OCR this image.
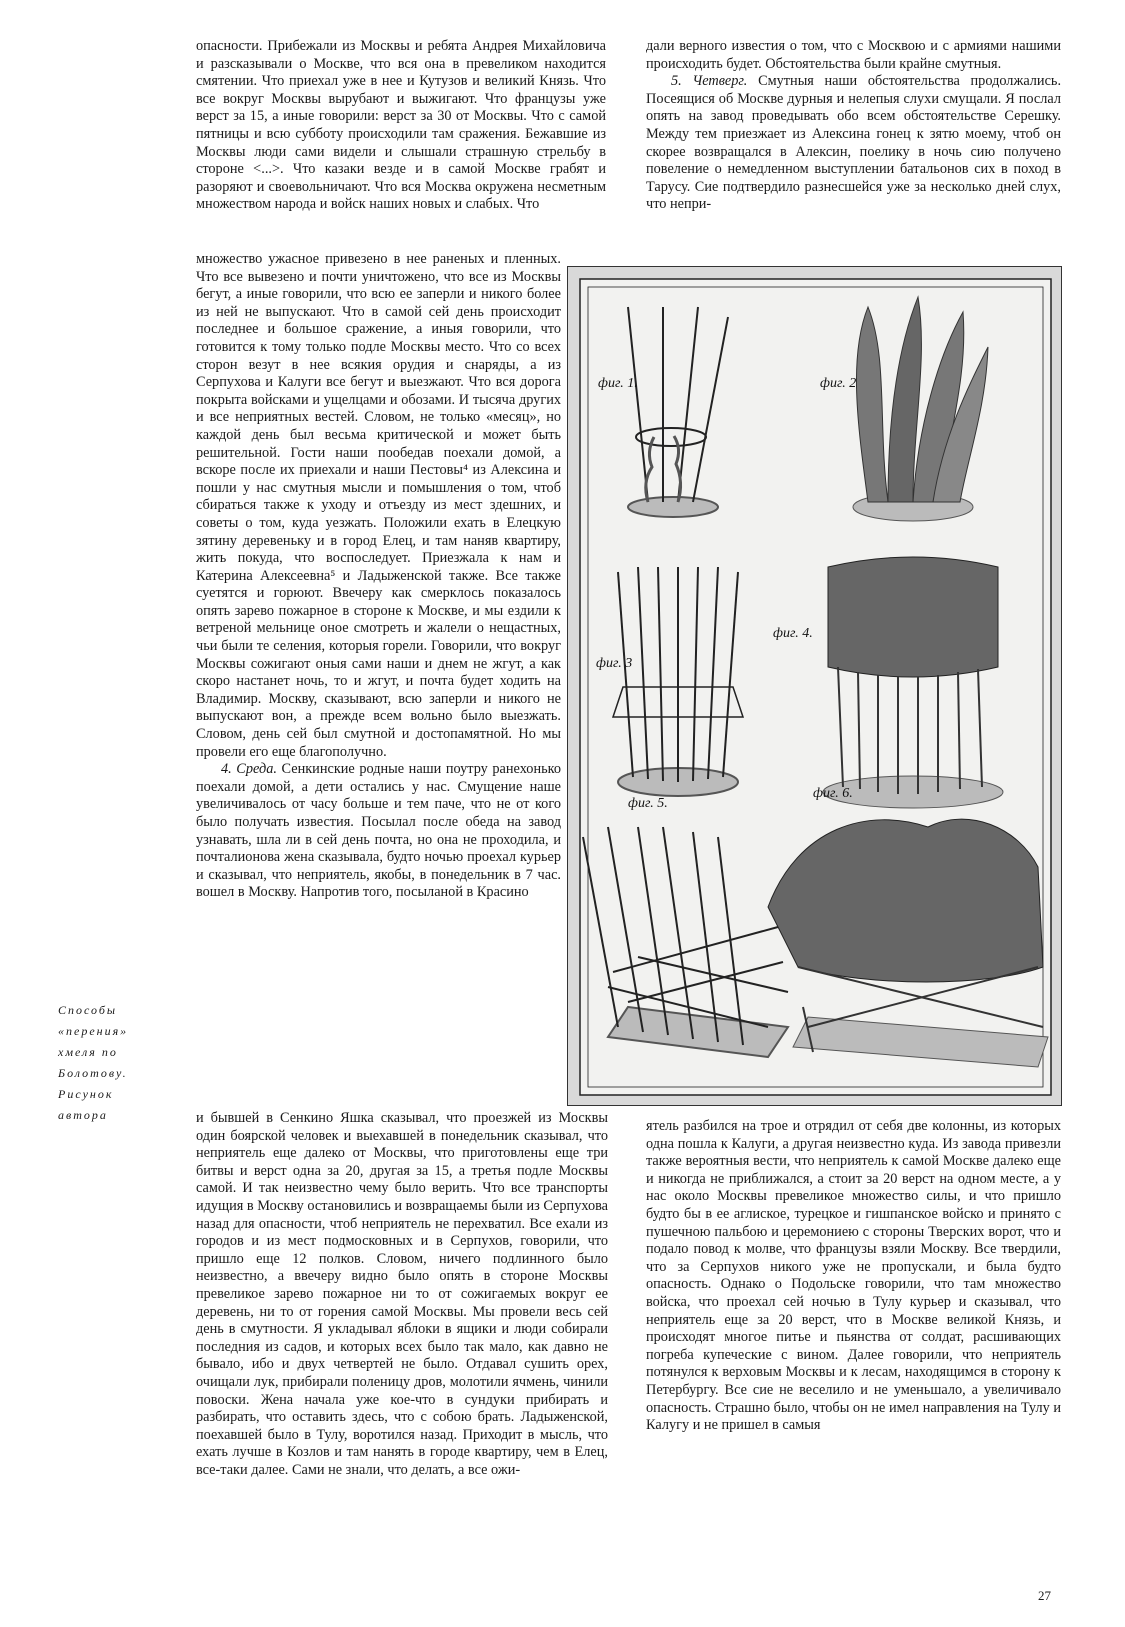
опасности. Прибежали из Москвы и ребята Андрея Михайловича и разсказывали о Москве, что вся она в превеликом находится смятении. Что приехал уже в нее и Кутузов и великий Князь. Что все вокруг Москвы вырубают и выжигают. Что французы уже верст за 15, а иные говорили: верст за 30 от Москвы. Что с самой пятницы и всю субботу происходили там сражения. Бежавшие из Москвы люди сами видели и слышали страшную стрельбу в стороне <...>. Что казаки везде и в самой Москве грабят и разоряют и своевольничают. Что вся Москва окружена несметным множеством народа и войск наших новых и слабых. Что

множество ужасное привезено в нее раненых и пленных. Что все вывезено и почти уничтожено, что все из Москвы бегут, а иные говорили, что всю ее заперли и никого более из ней не выпускают. Что в самой сей день происходит последнее и большое сражение, а иныя говорили, что готовится к тому только подле Москвы место. Что со всех сторон везут в нее всякия орудия и снаряды, а из Серпухова и Калуги все бегут и выезжают. Что вся дорога покрыта войсками и ущелцами и обозами. И тысяча других и все неприятных вестей. Словом, не только «месяц», но каждой день был весьма критической и может быть решительной. Гости наши пообедав поехали домой, а вскоре после их приехали и наши Пестовы⁴ из Алексина и пошли у нас смутныя мысли и помышления о том, чтоб сбираться также к уходу и отъезду из мест здешних, и советы о том, куда уезжать. Положили ехать в Елецкую зятину деревеньку и в город Елец, и там наняв квартиру, жить покуда, что воспоследует. Приезжала к нам и Катерина Алексеевна⁵ и Ладыженской также. Все также суетятся и горюют. Ввечеру как смерклось показалось опять зарево пожарное в стороне к Москве, и мы ездили к ветреной мельнице оное смотреть и жалели о нещастных, чьи были те селения, которыя горели. Говорили, что вокруг Москвы сожигают оныя сами наши и днем не жгут, а как скоро настанет ночь, то и жгут, и почта будет ходить на Владимир. Москву, сказывают, всю заперли и никого не выпускают вон, а прежде всем вольно было выезжать. Словом, день сей был смутной и достопамятной. Но мы провели его еще благополучно.

4. Среда. Сенкинские родные наши поутру ранехонько поехали домой, а дети остались у нас. Смущение наше увеличивалось от часу больше и тем паче, что не от кого было получать известия. Посылал после обеда на завод узнавать, шла ли в сей день почта, но она не проходила, и почталионова жена сказывала, будто ночью проехал курьер и сказывал, что неприятель, якобы, в понедельник в 7 час. вошел в Москву. Напротив того, посыланой в Красино

и бывшей в Сенкино Яшка сказывал, что проезжей из Москвы один боярской человек и выехавшей в понедельник сказывал, что неприятель еще далеко от Москвы, что приготовлены еще три битвы и верст одна за 20, другая за 15, а третья подле Москвы самой. И так неизвестно чему было верить. Что все транспорты идущия в Москву остановились и возвращаемы были из Серпухова назад для опасности, чтоб неприятель не перехватил. Все ехали из городов и из мест подмосковных и в Серпухов, говорили, что пришло еще 12 полков. Словом, ничего подлинного было неизвестно, а ввечеру видно было опять в стороне Москвы превеликое зарево пожарное ни то от сожигаемых вокруг ее деревень, ни то от горения самой Москвы. Мы провели весь сей день в смутности. Я укладывал яблоки в ящики и люди собирали последния из садов, и которых всех было так мало, как давно не бывало, ибо и двух четвертей не было. Отдавал сушить орех, очищали лук, прибирали поленицу дров, молотили ячмень, чинили повоски. Жена начала уже кое-что в сундуки прибирать и разбирать, что оставить здесь, что с собою брать. Ладыженской, поехавшей было в Тулу, воротился назад. Приходит в мысль, что ехать лучше в Козлов и там нанять в городе квартиру, чем в Елец, все-таки далее. Сами не знали, что делать, а все ожи-

дали верного известия о том, что с Москвою и с армиями нашими происходить будет. Обстоятельства были крайне смутныя.

5. Четверг. Смутныя наши обстоятельства продолжались. Посеящися об Москве дурныя и нелепыя слухи смущали. Я послал опять на завод проведывать обо всем обстоятельстве Серешку. Между тем приезжает из Алексина гонец к зятю моему, чтоб он скорее возвращался в Алексин, поелику в ночь сию получено повеление о немедленном выступлении батальонов сих в поход в Тарусу. Сие подтвердило разнесшейся уже за несколько дней слух, что непри-

ятель разбился на трое и отрядил от себя две колонны, из которых одна пошла к Калуги, а другая неизвестно куда. Из завода привезли также вероятныя вести, что неприятель к самой Москве далеко еще и никогда не приближался, а стоит за 20 верст на одном месте, а у нас около Москвы превеликое множество силы, и что пришло будто бы в ее аглиское, турецкое и гишпанское войско и принято с пушечною пальбою и церемониею с стороны Тверских ворот, что и подало повод к молве, что французы взяли Москву. Все твердили, что за Серпухов никого уже не пропускали, и была будто опасность. Однако о Подольске говорили, что там множество войска, что проехал сей ночью в Тулу курьер и сказывал, что неприятель еще за 20 верст, что в Москве великой Князь, и происходят многое питье и пьянства от солдат, расшивающих погреба купеческие с вином. Далее говорили, что неприятель потянулся к верховым Москвы и к лесам, находящимся в сторону к Петербургу. Все сие не веселило и не уменьшало, а увеличивало опасность. Страшно было, чтобы он не имел направления на Тулу и Калугу и не пришел в самыя

Способы «перения» хмеля по Болотову. Рисунок автора
фиг. 1.	фиг. 2
фиг. 3
фиг. 4.
фиг. 5.
фиг. 6.
27
